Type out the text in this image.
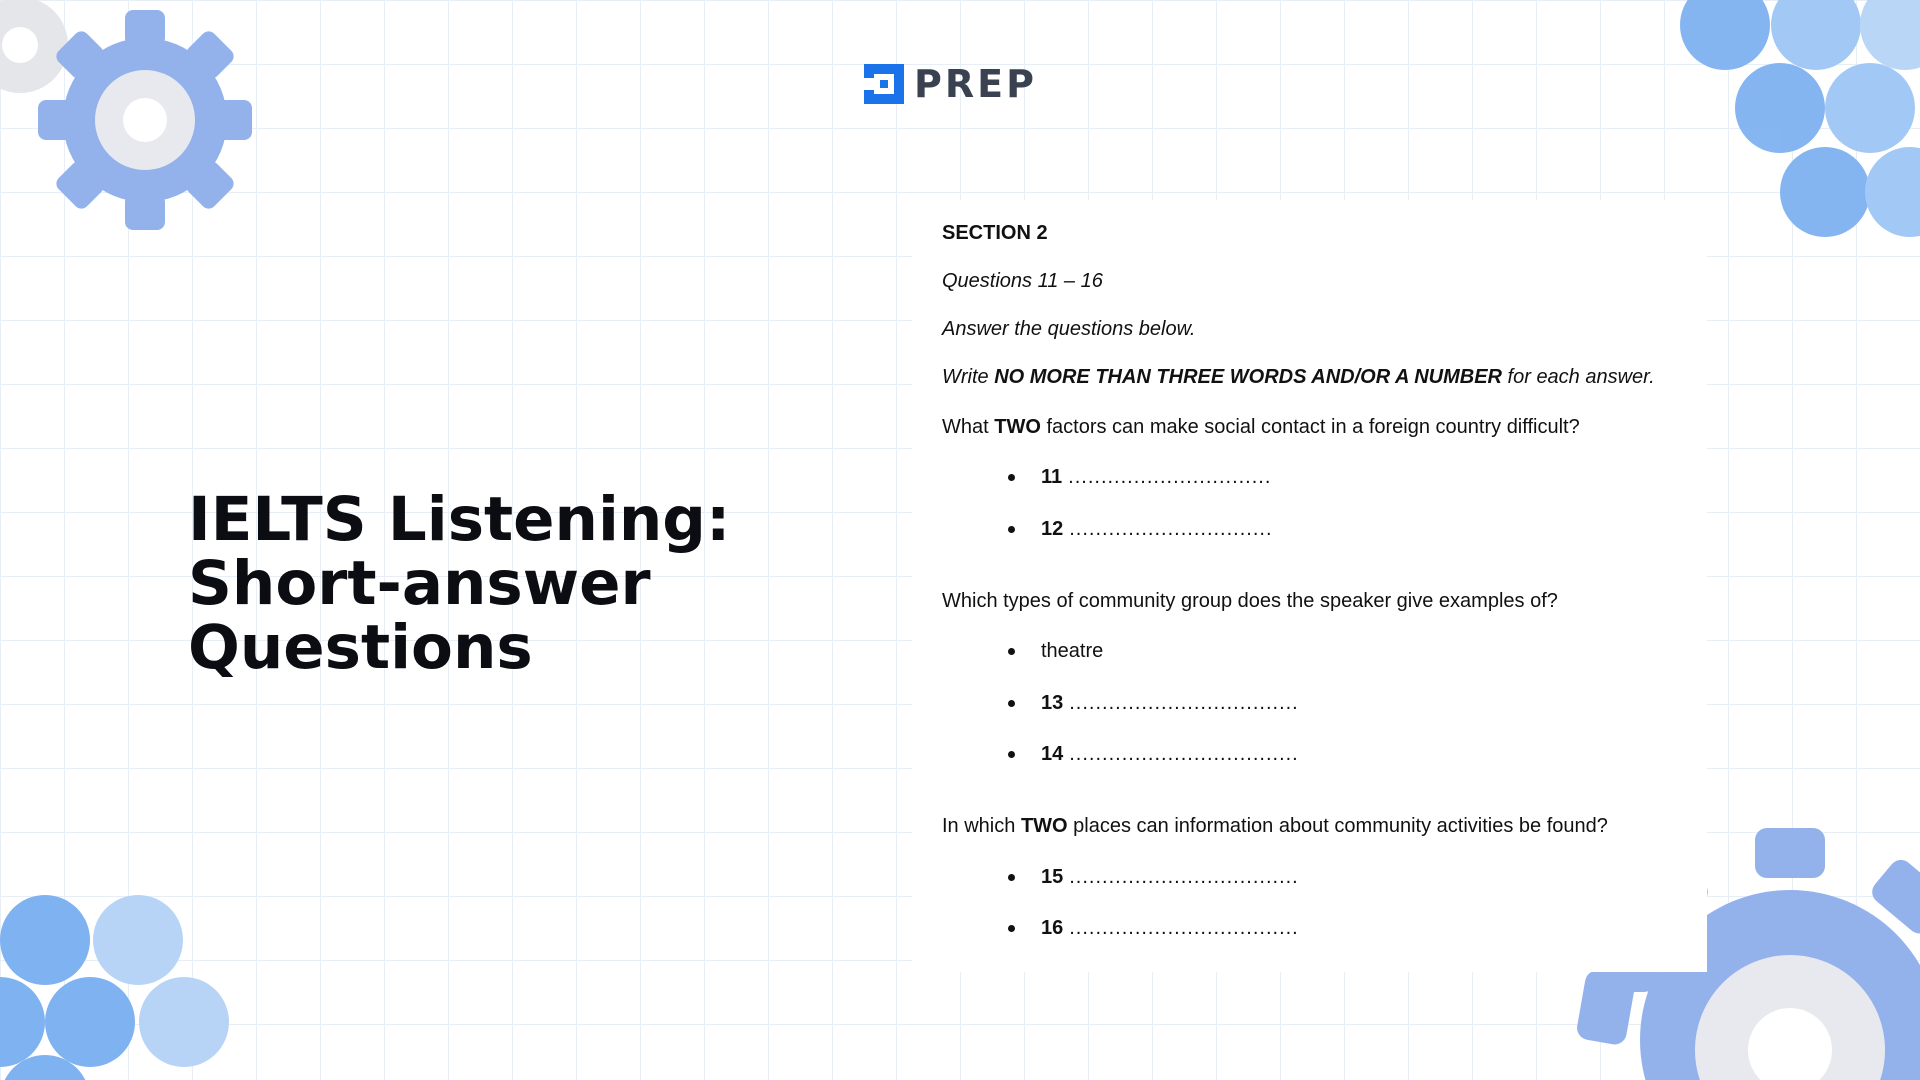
PREP
IELTS Listening:
Short-answer
Questions
SECTION 2
Questions 11 – 16
Answer the questions below.
Write NO MORE THAN THREE WORDS AND/OR A NUMBER for each answer.
What TWO factors can make social contact in a foreign country difficult?
11 ...............................
12 ...............................
Which types of community group does the speaker give examples of?
theatre
13 ...................................
14 ...................................
In which TWO places can information about community activities be found?
15 ...................................
16 ...................................
